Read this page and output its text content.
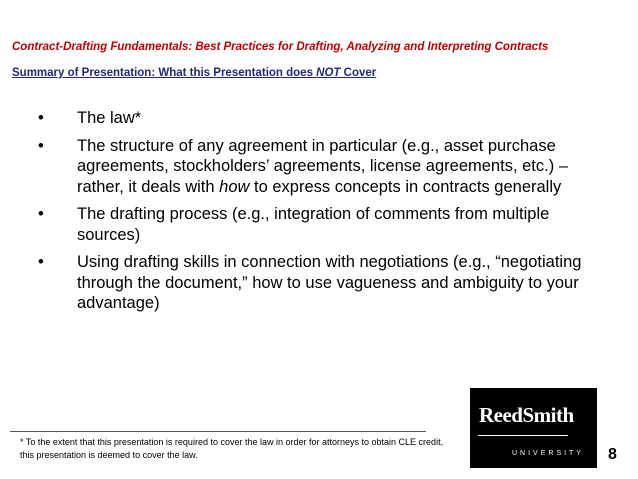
Contract-Drafting Fundamentals: Best Practices for Drafting, Analyzing and Interpreting Contracts
Summary of Presentation: What this Presentation does NOT Cover
• The law*
• The structure of any agreement in particular (e.g., asset purchase agreements, stockholders’ agreements, license agreements, etc.) – rather, it deals with how to express concepts in contracts generally
• The drafting process (e.g., integration of comments from multiple sources)
• Using drafting skills in connection with negotiations (e.g., “negotiating through the document,” how to use vagueness and ambiguity to your advantage)
* To the extent that this presentation is required to cover the law in order for attorneys to obtain CLE credit, this presentation is deemed to cover the law.
ReedSmith
UNIVERSITY 8
